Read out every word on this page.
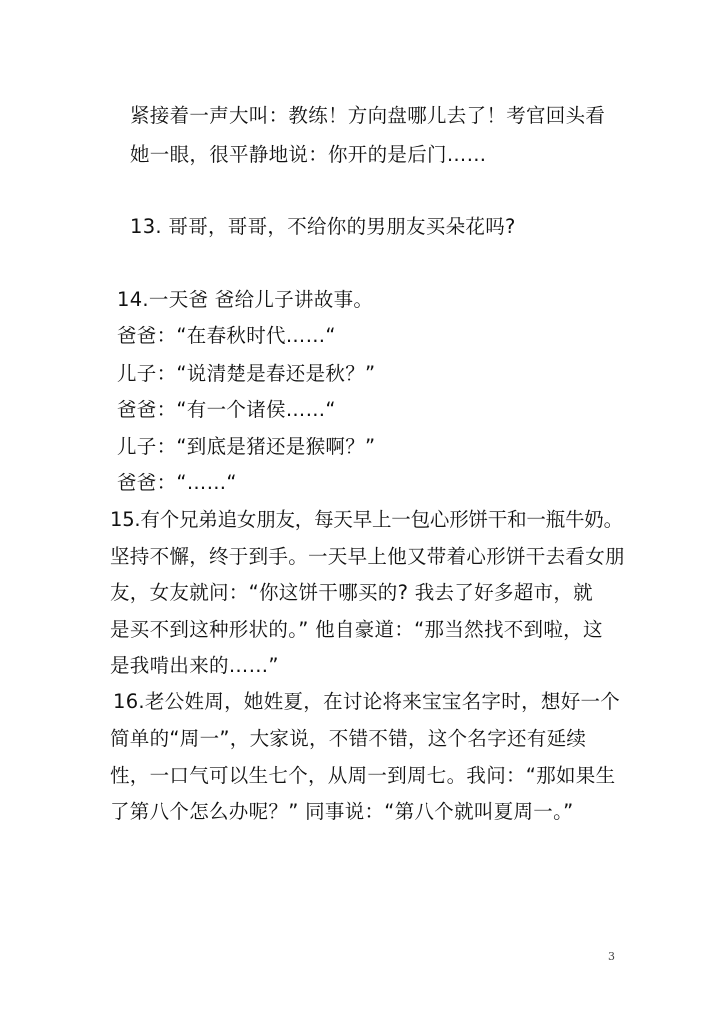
紧接着一声大叫：教练！方向盘哪儿去了！考官回头看
她一眼，很平静地说：你开的是后门……
13. 哥哥，哥哥，不给你的男朋友买朵花吗?
14.一天爸 爸给儿子讲故事。
爸爸：“在春秋时代……“
儿子：“说清楚是春还是秋？”
爸爸：“有一个诸侯……“
儿子：“到底是猪还是猴啊？”
爸爸：“……“
15.有个兄弟追女朋友，每天早上一包心形饼干和一瓶牛奶。
坚持不懈，终于到手。一天早上他又带着心形饼干去看女朋
友，女友就问：“你这饼干哪买的? 我去了好多超市，就
是买不到这种形状的。” 他自豪道：“那当然找不到啦，这
是我啃出来的……”
16.老公姓周，她姓夏，在讨论将来宝宝名字时，想好一个
简单的“周一”，大家说，不错不错，这个名字还有延续
性，一口气可以生七个，从周一到周七。我问：“那如果生
了第八个怎么办呢？” 同事说：“第八个就叫夏周一。”
3
